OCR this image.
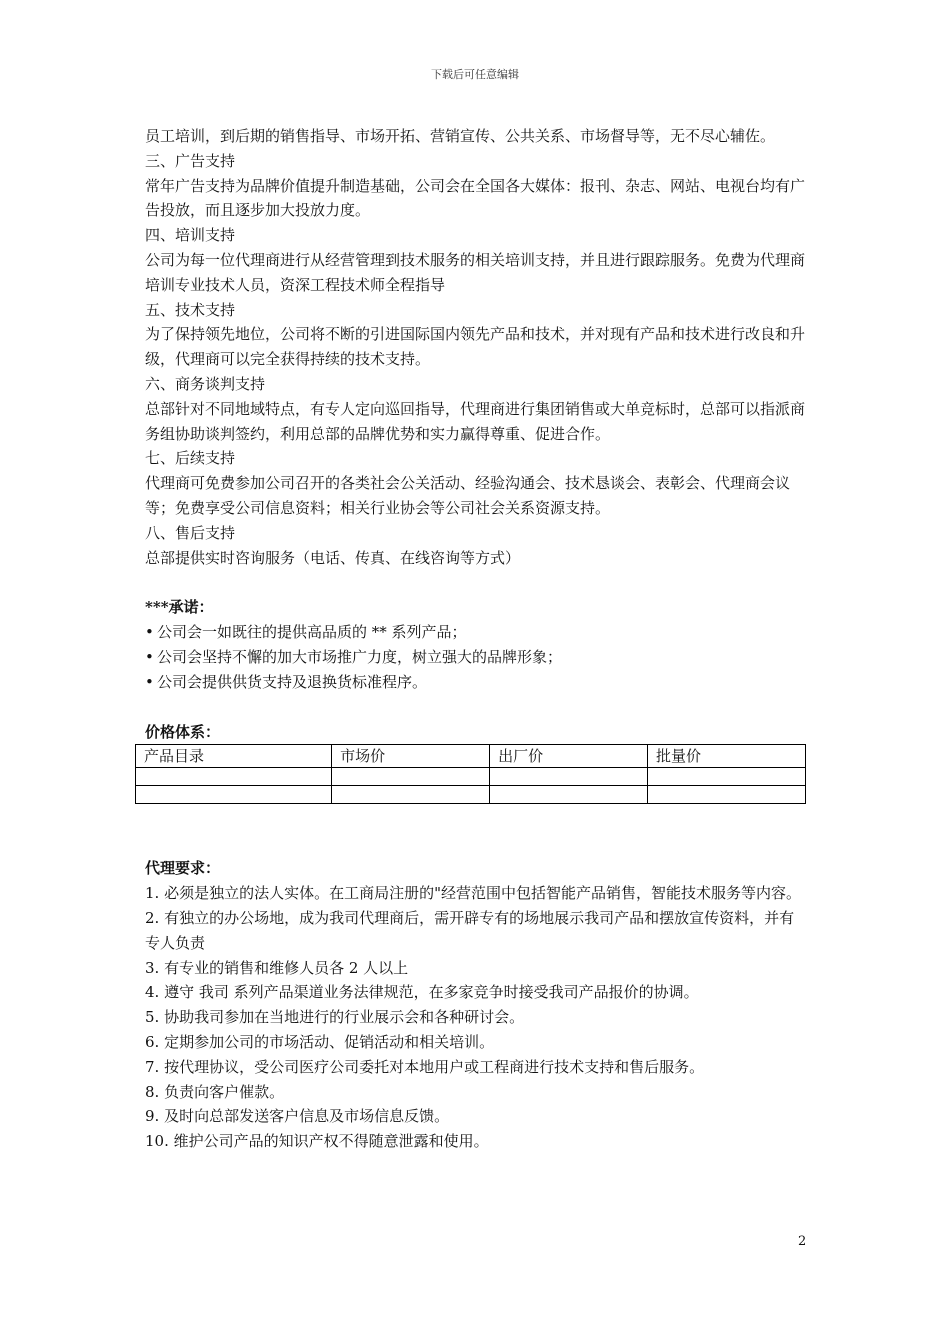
下载后可任意编辑

员工培训，到后期的销售指导、市场开拓、营销宣传、公共关系、市场督导等，无不尽心辅佐。

三、广告支持

常年广告支持为品牌价值提升制造基础，公司会在全国各大媒体：报刊、杂志、网站、电视台均有广告投放，而且逐步加大投放力度。

四、培训支持

公司为每一位代理商进行从经营管理到技术服务的相关培训支持，并且进行跟踪服务。免费为代理商培训专业技术人员，资深工程技术师全程指导

五、技术支持

为了保持领先地位，公司将不断的引进国际国内领先产品和技术，并对现有产品和技术进行改良和升级，代理商可以完全获得持续的技术支持。

六、商务谈判支持

总部针对不同地域特点，有专人定向巡回指导，代理商进行集团销售或大单竞标时，总部可以指派商务组协助谈判签约，利用总部的品牌优势和实力赢得尊重、促进合作。

七、后续支持

代理商可免费参加公司召开的各类社会公关活动、经验沟通会、技术恳谈会、表彰会、代理商会议等；免费享受公司信息资料；相关行业协会等公司社会关系资源支持。

八、售后支持

总部提供实时咨询服务（电话、传真、在线咨询等方式）

***承诺：

• 公司会一如既往的提供高品质的 ** 系列产品；

• 公司会坚持不懈的加大市场推广力度，树立强大的品牌形象；

• 公司会提供供货支持及退换货标准程序。

价格体系：

产品目录	市场价	出厂价	批量价

代理要求：

1. 必须是独立的法人实体。在工商局注册的"经营范围中包括智能产品销售，智能技术服务等内容。

2. 有独立的办公场地，成为我司代理商后，需开辟专有的场地展示我司产品和摆放宣传资料，并有专人负责

3. 有专业的销售和维修人员各 2 人以上

4. 遵守 我司 系列产品渠道业务法律规范，在多家竞争时接受我司产品报价的协调。

5. 协助我司参加在当地进行的行业展示会和各种研讨会。

6. 定期参加公司的市场活动、促销活动和相关培训。

7. 按代理协议，受公司医疗公司委托对本地用户或工程商进行技术支持和售后服务。

8. 负责向客户催款。

9. 及时向总部发送客户信息及市场信息反馈。

10. 维护公司产品的知识产权不得随意泄露和使用。

2
